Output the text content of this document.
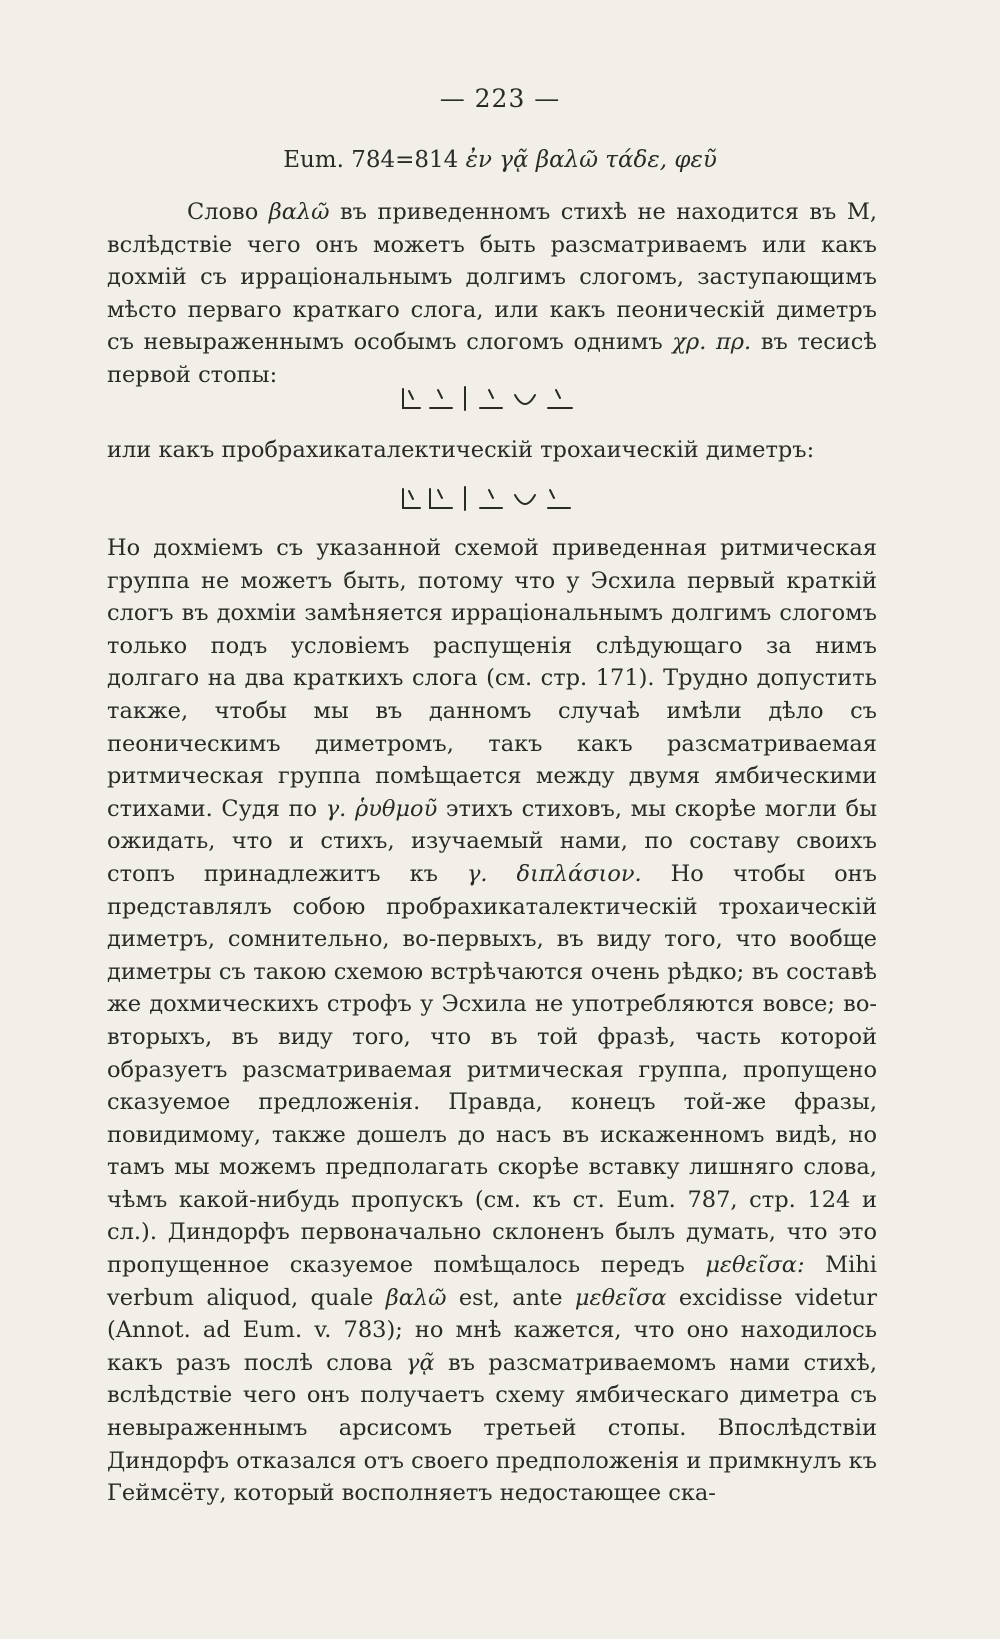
— 223 —
Eum. 784=814 ἐν γᾷ βαλῶ τάδε, φεῦ

Слово βαλῶ въ приведенномъ стихѣ не находится въ M, вслѣдствіе чего онъ можетъ быть разсматриваемъ или какъ дохмій съ ирраціональнымъ долгимъ слогомъ, заступающимъ мѣсто перваго краткаго слога, или какъ пеоническій диметръ съ невыраженнымъ особымъ слогомъ однимъ χρ. πρ. въ тесисѣ первой стопы:

или какъ пробрахикаталектическій трохаическій диметръ:

Но дохміемъ съ указанной схемой приведенная ритмическая группа не можетъ быть, потому что у Эсхила первый краткій слогъ въ дохміи замѣняется ирраціональнымъ долгимъ слогомъ только подъ условіемъ распущенія слѣдующаго за нимъ долгаго на два краткихъ слога (см. стр. 171). Трудно допустить также, чтобы мы въ данномъ случаѣ имѣли дѣло съ пеоническимъ диметромъ, такъ какъ разсматриваемая ритмическая группа помѣщается между двумя ямбическими стихами. Судя по γ. ῥυθμοῦ этихъ стиховъ, мы скорѣе могли бы ожидать, что и стихъ, изучаемый нами, по составу своихъ стопъ принадлежитъ къ γ. διπλάσιον. Но чтобы онъ представлялъ собою пробрахикаталектическій трохаическій диметръ, сомнительно, во-первыхъ, въ виду того, что вообще диметры съ такою схемою встрѣчаются очень рѣдко; въ составѣ же дохмическихъ строфъ у Эсхила не употребляются вовсе; во-вторыхъ, въ виду того, что въ той фразѣ, часть которой образуетъ разсматриваемая ритмическая группа, пропущено сказуемое предложенія. Правда, конецъ той-же фразы, повидимому, также дошелъ до насъ въ искаженномъ видѣ, но тамъ мы можемъ предполагать скорѣе вставку лишняго слова, чѣмъ какой-нибудь пропускъ (см. къ ст. Eum. 787, стр. 124 и сл.). Диндорфъ первоначально склоненъ былъ думать, что это пропущенное сказуемое помѣщалось передъ μεθεῖσα: Mihi verbum aliquod, quale βαλῶ est, ante μεθεῖσα excidisse videtur (Annot. ad Eum. v. 783); но мнѣ кажется, что оно находилось какъ разъ послѣ слова γᾷ въ разсматриваемомъ нами стихѣ, вслѣдствіе чего онъ получаетъ схему ямбическаго диметра съ невыраженнымъ арсисомъ третьей стопы. Впослѣдствіи Диндорфъ отказался отъ своего предположенія и примкнулъ къ Геймсёту, который восполняетъ недостающее ска-
